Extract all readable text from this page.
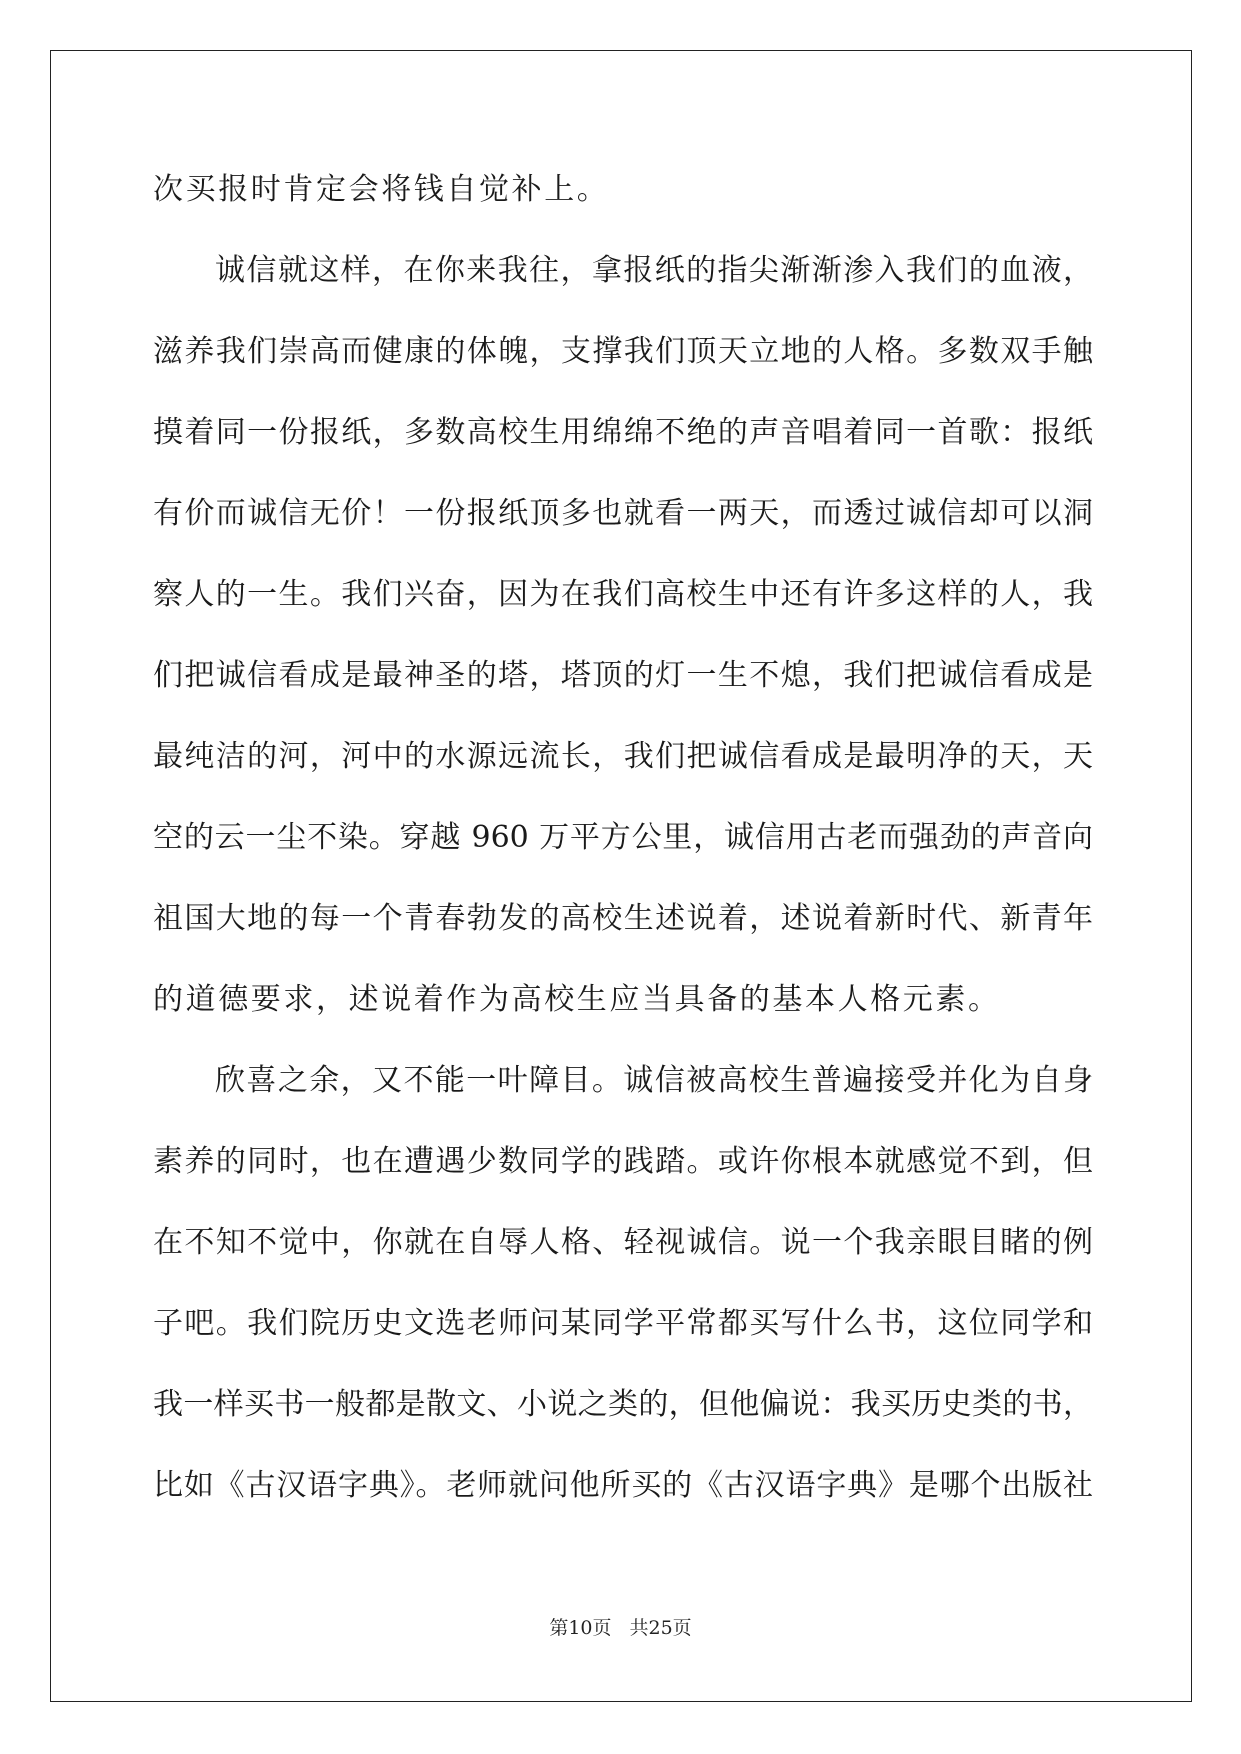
次买报时肯定会将钱自觉补上。
诚信就这样，在你来我往，拿报纸的指尖渐渐渗入我们的血液，
滋养我们崇高而健康的体魄，支撑我们顶天立地的人格。多数双手触
摸着同一份报纸，多数高校生用绵绵不绝的声音唱着同一首歌：报纸
有价而诚信无价！一份报纸顶多也就看一两天，而透过诚信却可以洞
察人的一生。我们兴奋，因为在我们高校生中还有许多这样的人，我
们把诚信看成是最神圣的塔，塔顶的灯一生不熄，我们把诚信看成是
最纯洁的河，河中的水源远流长，我们把诚信看成是最明净的天，天
空的云一尘不染。穿越 960 万平方公里，诚信用古老而强劲的声音向
祖国大地的每一个青春勃发的高校生述说着，述说着新时代、新青年
的道德要求，述说着作为高校生应当具备的基本人格元素。
欣喜之余，又不能一叶障目。诚信被高校生普遍接受并化为自身
素养的同时，也在遭遇少数同学的践踏。或许你根本就感觉不到，但
在不知不觉中，你就在自辱人格、轻视诚信。说一个我亲眼目睹的例
子吧。我们院历史文选老师问某同学平常都买写什么书，这位同学和
我一样买书一般都是散文、小说之类的，但他偏说：我买历史类的书，
比如《古汉语字典》。老师就问他所买的《古汉语字典》是哪个出版社
第10页 共25页
